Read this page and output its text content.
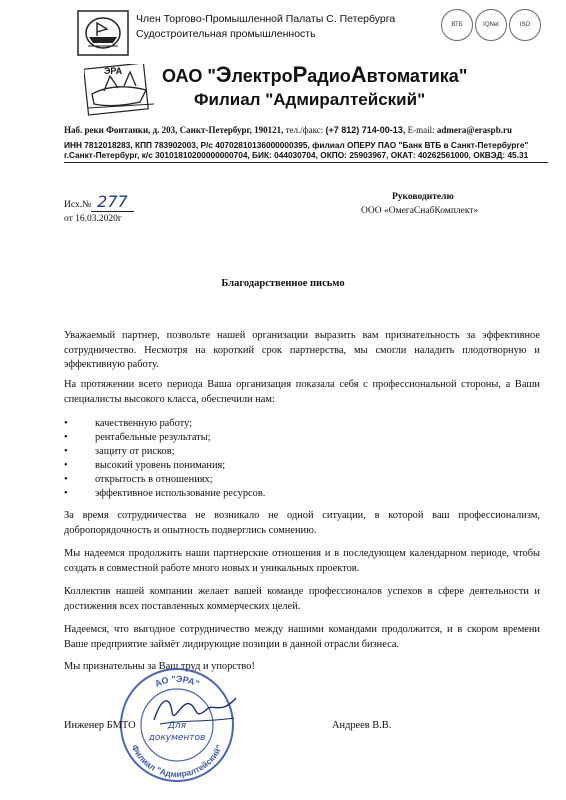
ЭРА
Член Торгово-Промышленной Палаты С. Петербурга
Судостроительная промышленность
ВТБ	IQNet	ISO
ОАО "ЭлектроРадиоАвтоматика"
Филиал "Адмиралтейский"
Наб. реки Фонтанки, д. 203, Санкт-Петербург, 190121, тел./факс: (+7 812) 714-00-13, E-mail: admera@eraspb.ru
ИНН 7812018283, КПП 783902003, Р/с 40702810136000000395, филиал ОПЕРУ ПАО "Банк ВТБ в Санкт-Петербурге"
г.Санкт-Петербург, к/с 30101810200000000704, БИК: 044030704, ОКПО: 25903967, ОКАТ: 40262561000, ОКВЭД: 45.31
Исх.№ 277
от 16.03.2020г
Руководителю
ООО «ОмегаСнабКомплект»
Благодарственное письмо
Уважаемый партнер, позвольте нашей организации выразить вам признательность за эффективное сотрудничество. Несмотря на короткий срок партнерства, мы смогли наладить плодотворную и эффективную работу.
На протяжении всего периода Ваша организация показала себя с профессиональной стороны, а Ваши специалисты высокого класса, обеспечили нам:
•	качественную работу;
•	рентабельные результаты;
•	защиту от рисков;
•	высокий уровень понимания;
•	открытость в отношениях;
•	эффективное использование ресурсов.
За время сотрудничества не возникало не одной ситуации, в которой ваш профессионализм, добропорядочность и опытность подверглись сомнению.
Мы надеемся продолжить наши партнерские отношения и в последующем календарном периоде, чтобы создать в совместной работе много новых и уникальных проектов.
Коллектив нашей компании желает вашей команде профессионалов успехов в сфере деятельности и достижения всех поставленных коммерческих целей.
Надеемся, что выгодное сотрудничество между нашими командами продолжится, и в скором времени Ваше предприятие займёт лидирующие позиции в данной отрасли бизнеса.
Мы признательны за Ваш труд и упорство!
АО "ЭРА"
Филиал "Адмиралтейский"
Для
документов
Инженер БМТО	Андреев В.В.
